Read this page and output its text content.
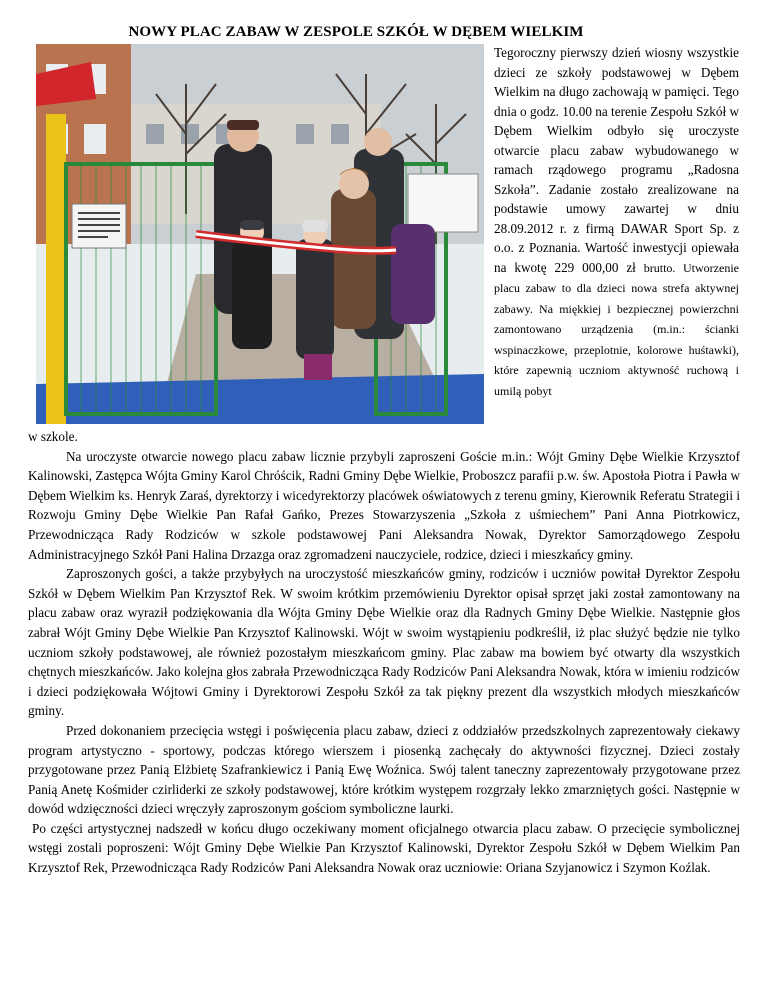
NOWY PLAC ZABAW W ZESPOLE SZKÓŁ W DĘBEM WIELKIM
Tegoroczny pierwszy dzień wiosny wszystkie dzieci ze szkoły podstawowej w Dębem Wielkim na długo zachowają w pamięci. Tego dnia o godz. 10.00 na terenie Zespołu Szkół w Dębem Wielkim odbyło się uroczyste otwarcie placu zabaw wybudowanego w ramach rządowego programu „Radosna Szkoła”. Zadanie zostało zrealizowane na podstawie umowy zawartej w dniu 28.09.2012 r. z firmą DAWAR Sport Sp. z o.o. z Poznania. Wartość inwestycji opiewała na kwotę 229 000,00 zł brutto. Utworzenie placu zabaw to dla dzieci nowa strefa aktywnej zabawy. Na miękkiej i bezpiecznej powierzchni zamontowano urządzenia (m.in.: ścianki wspinaczkowe, przeplotnie, kolorowe huśtawki), które zapewnią uczniom aktywność ruchową i umilą pobyt
w szkole.

Na uroczyste otwarcie nowego placu zabaw licznie przybyli zaproszeni Goście m.in.: Wójt Gminy Dębe Wielkie Krzysztof Kalinowski, Zastępca Wójta Gminy Karol Chróścik, Radni Gminy Dębe Wielkie, Proboszcz parafii p.w. św. Apostoła Piotra i Pawła w Dębem Wielkim ks. Henryk Zaraś, dyrektorzy i wicedyrektorzy placówek oświatowych z terenu gminy, Kierownik Referatu Strategii i Rozwoju Gminy Dębe Wielkie Pan Rafał Gańko, Prezes Stowarzyszenia „Szkoła z uśmiechem” Pani Anna Piotrkowicz, Przewodnicząca Rady Rodziców w szkole podstawowej Pani Aleksandra Nowak, Dyrektor Samorządowego Zespołu Administracyjnego Szkół Pani Halina Drzazga oraz zgromadzeni nauczyciele, rodzice, dzieci i mieszkańcy gminy.

Zaproszonych gości, a także przybyłych na uroczystość mieszkańców gminy, rodziców i uczniów powitał Dyrektor Zespołu Szkół w Dębem Wielkim Pan Krzysztof Rek. W swoim krótkim przemówieniu Dyrektor opisał sprzęt jaki został zamontowany na placu zabaw oraz wyraził podziękowania dla Wójta Gminy Dębe Wielkie oraz dla Radnych Gminy Dębe Wielkie. Następnie głos zabrał Wójt Gminy Dębe Wielkie Pan Krzysztof Kalinowski. Wójt w swoim wystąpieniu podkreślił, iż plac służyć będzie nie tylko uczniom szkoły podstawowej, ale również pozostałym mieszkańcom gminy. Plac zabaw ma bowiem być otwarty dla wszystkich chętnych mieszkańców. Jako kolejna głos zabrała Przewodnicząca Rady Rodziców Pani Aleksandra Nowak, która w imieniu rodziców i dzieci podziękowała Wójtowi Gminy i Dyrektorowi Zespołu Szkół za tak piękny prezent dla wszystkich młodych mieszkańców gminy.

Przed dokonaniem przecięcia wstęgi i poświęcenia placu zabaw, dzieci z oddziałów przedszkolnych zaprezentowały ciekawy program artystyczno - sportowy, podczas którego wierszem i piosenką zachęcały do aktywności fizycznej. Dzieci zostały przygotowane przez Panią Elżbietę Szafrankiewicz i Panią Ewę Woźnica. Swój talent taneczny zaprezentowały przygotowane przez Panią Anetę Kośmider czirliderki ze szkoły podstawowej, które krótkim występem rozgrzały lekko zmarzniętych gości. Następnie w dowód wdzięczności dzieci wręczyły zaproszonym gościom symboliczne laurki.

Po części artystycznej nadszedł w końcu długo oczekiwany moment oficjalnego otwarcia placu zabaw. O przecięcie symbolicznej wstęgi zostali poproszeni: Wójt Gminy Dębe Wielkie Pan Krzysztof Kalinowski, Dyrektor Zespołu Szkół w Dębem Wielkim Pan Krzysztof Rek, Przewodnicząca Rady Rodziców Pani Aleksandra Nowak oraz uczniowie: Oriana Szyjanowicz i Szymon Koźlak.
